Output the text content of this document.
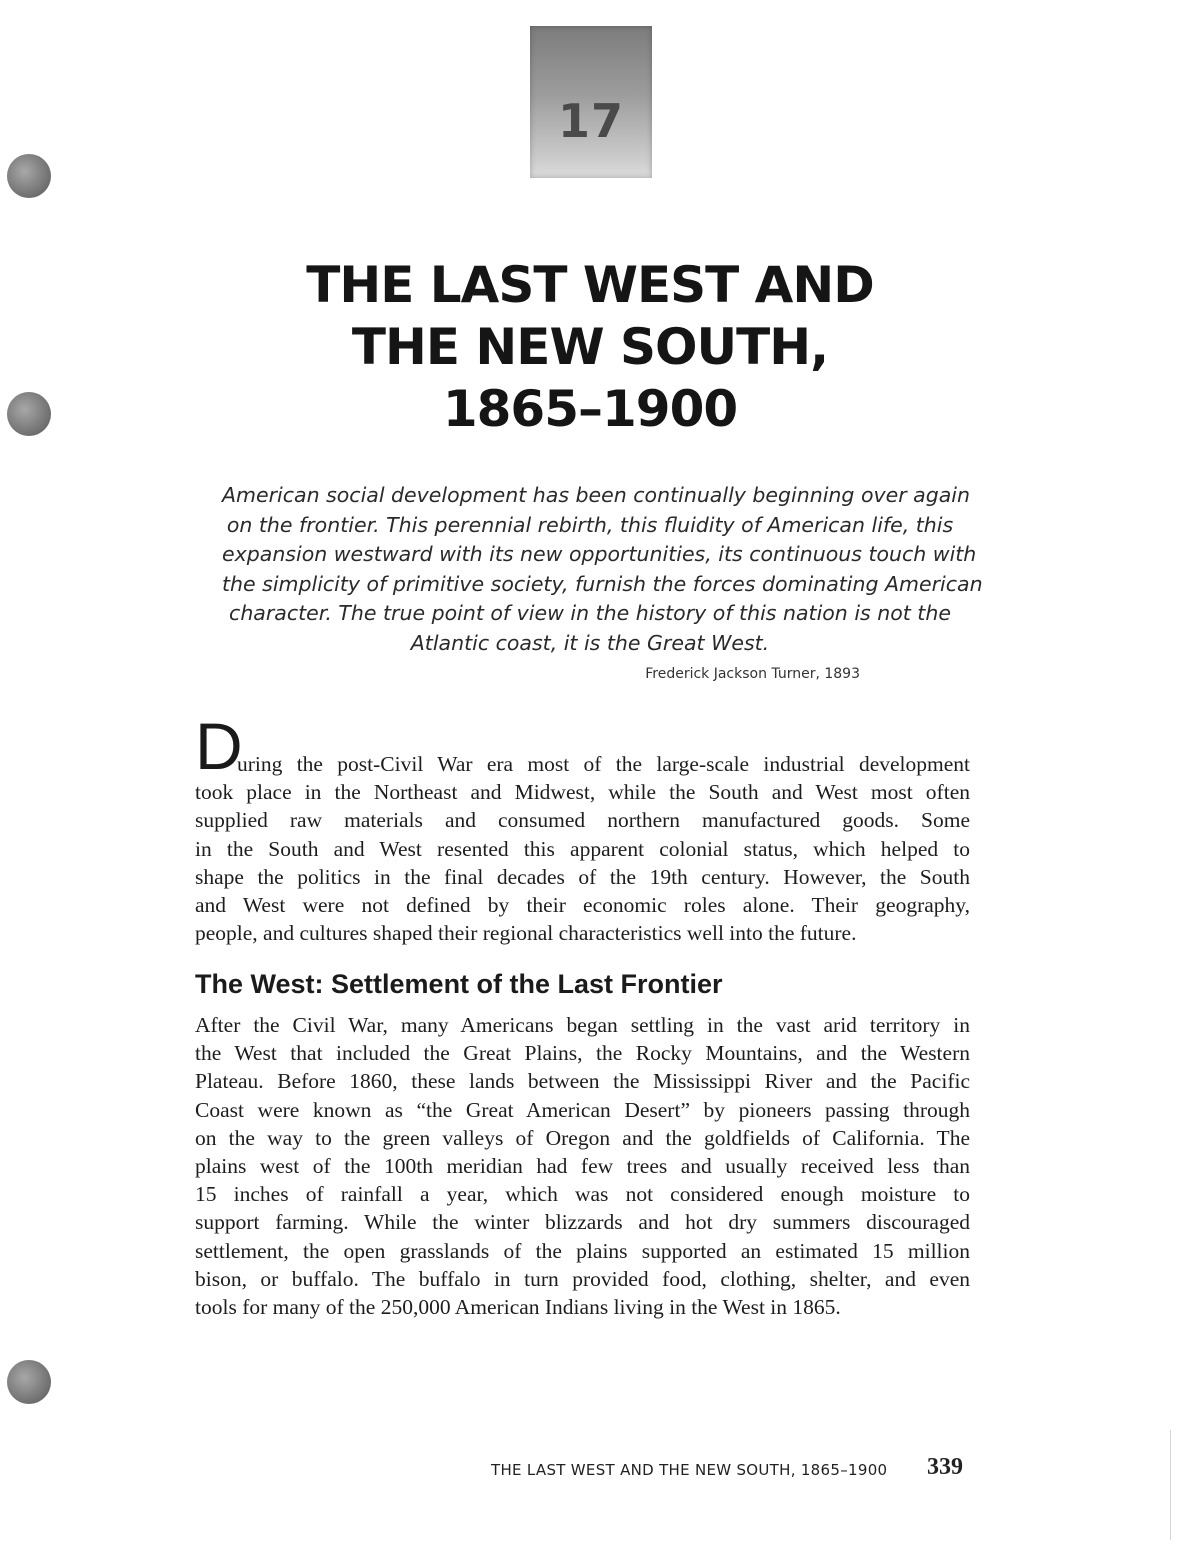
17
THE LAST WEST AND
THE NEW SOUTH,
1865–1900
American social development has been continually beginning over again
on the frontier. This perennial rebirth, this fluidity of American life, this
expansion westward with its new opportunities, its continuous touch with
the simplicity of primitive society, furnish the forces dominating American
character. The true point of view in the history of this nation is not the
Atlantic coast, it is the Great West.
Frederick Jackson Turner, 1893
D
uring the post-Civil War era most of the large-scale industrial development
took place in the Northeast and Midwest, while the South and West most often
supplied raw materials and consumed northern manufactured goods. Some
in the South and West resented this apparent colonial status, which helped to
shape the politics in the final decades of the 19th century. However, the South
and West were not defined by their economic roles alone. Their geography,
people, and cultures shaped their regional characteristics well into the future.
The West: Settlement of the Last Frontier
After the Civil War, many Americans began settling in the vast arid territory in
the West that included the Great Plains, the Rocky Mountains, and the Western
Plateau. Before 1860, these lands between the Mississippi River and the Pacific
Coast were known as “the Great American Desert” by pioneers passing through
on the way to the green valleys of Oregon and the goldfields of California. The
plains west of the 100th meridian had few trees and usually received less than
15 inches of rainfall a year, which was not considered enough moisture to
support farming. While the winter blizzards and hot dry summers discouraged
settlement, the open grasslands of the plains supported an estimated 15 million
bison, or buffalo. The buffalo in turn provided food, clothing, shelter, and even
tools for many of the 250,000 American Indians living in the West in 1865.
THE LAST WEST AND THE NEW SOUTH, 1865–1900 339
